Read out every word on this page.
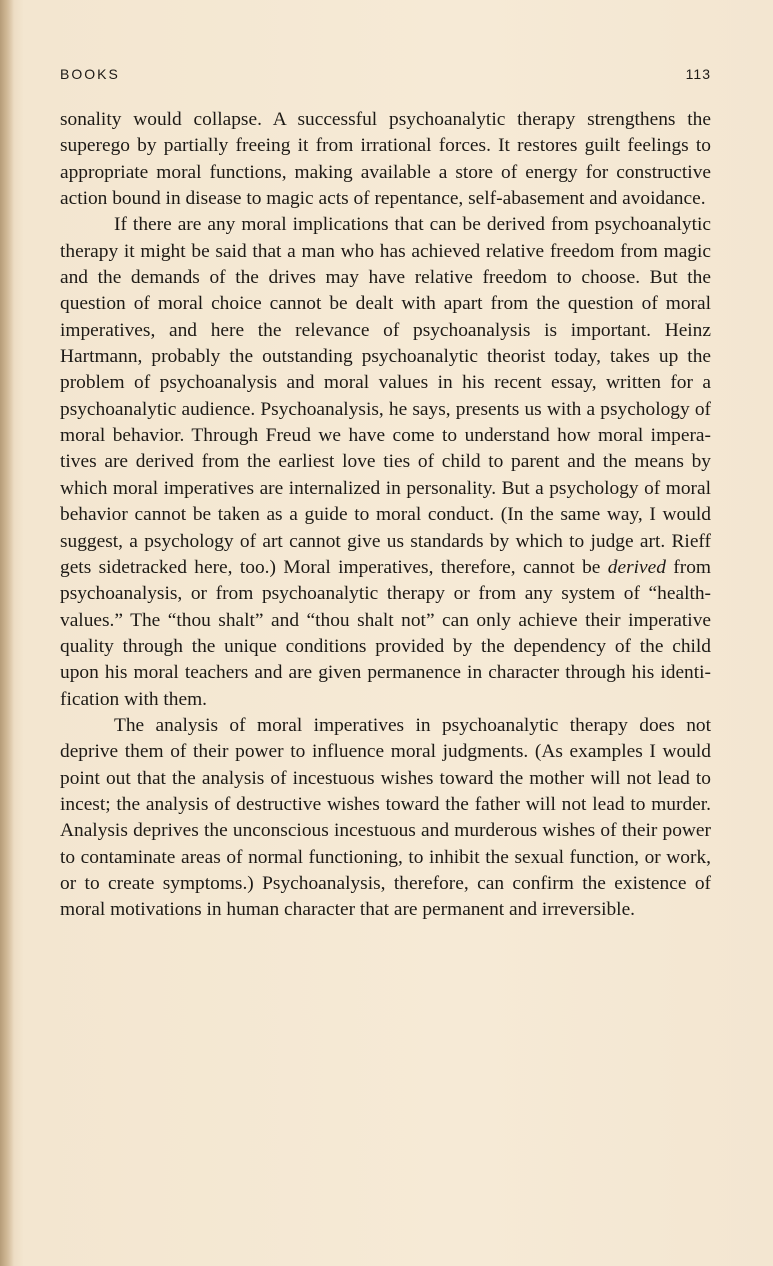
BOOKS	113

sonality would collapse. A successful psychoanalytic therapy strengthens the superego by partially freeing it from irrational forces. It restores guilt feelings to appropriate moral functions, making available a store of energy for constructive action bound in disease to magic acts of repentance, self-abasement and avoidance.

If there are any moral implications that can be derived from psychoanalytic therapy it might be said that a man who has achieved relative freedom from magic and the demands of the drives may have relative freedom to choose. But the question of moral choice cannot be dealt with apart from the question of moral imperatives, and here the relevance of psychoanalysis is important. Heinz Hartmann, probably the outstanding psychoanalytic theorist today, takes up the problem of psychoanalysis and moral values in his recent essay, written for a psychoanalytic audience. Psychoanalysis, he says, presents us with a psychology of moral behavior. Through Freud we have come to understand how moral imperatives are derived from the earliest love ties of child to parent and the means by which moral imperatives are internalized in personality. But a psychology of moral behavior cannot be taken as a guide to moral conduct. (In the same way, I would suggest, a psychology of art cannot give us standards by which to judge art. Rieff gets sidetracked here, too.) Moral imperatives, therefore, cannot be derived from psychoanalysis, or from psychoanalytic therapy or from any system of “health-values.” The “thou shalt” and “thou shalt not” can only achieve their imperative quality through the unique conditions provided by the dependency of the child upon his moral teachers and are given permanence in character through his identification with them.

The analysis of moral imperatives in psychoanalytic therapy does not deprive them of their power to influence moral judgments. (As examples I would point out that the analysis of incestuous wishes toward the mother will not lead to incest; the analysis of destructive wishes toward the father will not lead to murder. Analysis deprives the unconscious incestuous and murderous wishes of their power to contaminate areas of normal functioning, to inhibit the sexual function, or work, or to create symptoms.) Psychoanalysis, therefore, can confirm the existence of moral motivations in human character that are permanent and irreversible.
